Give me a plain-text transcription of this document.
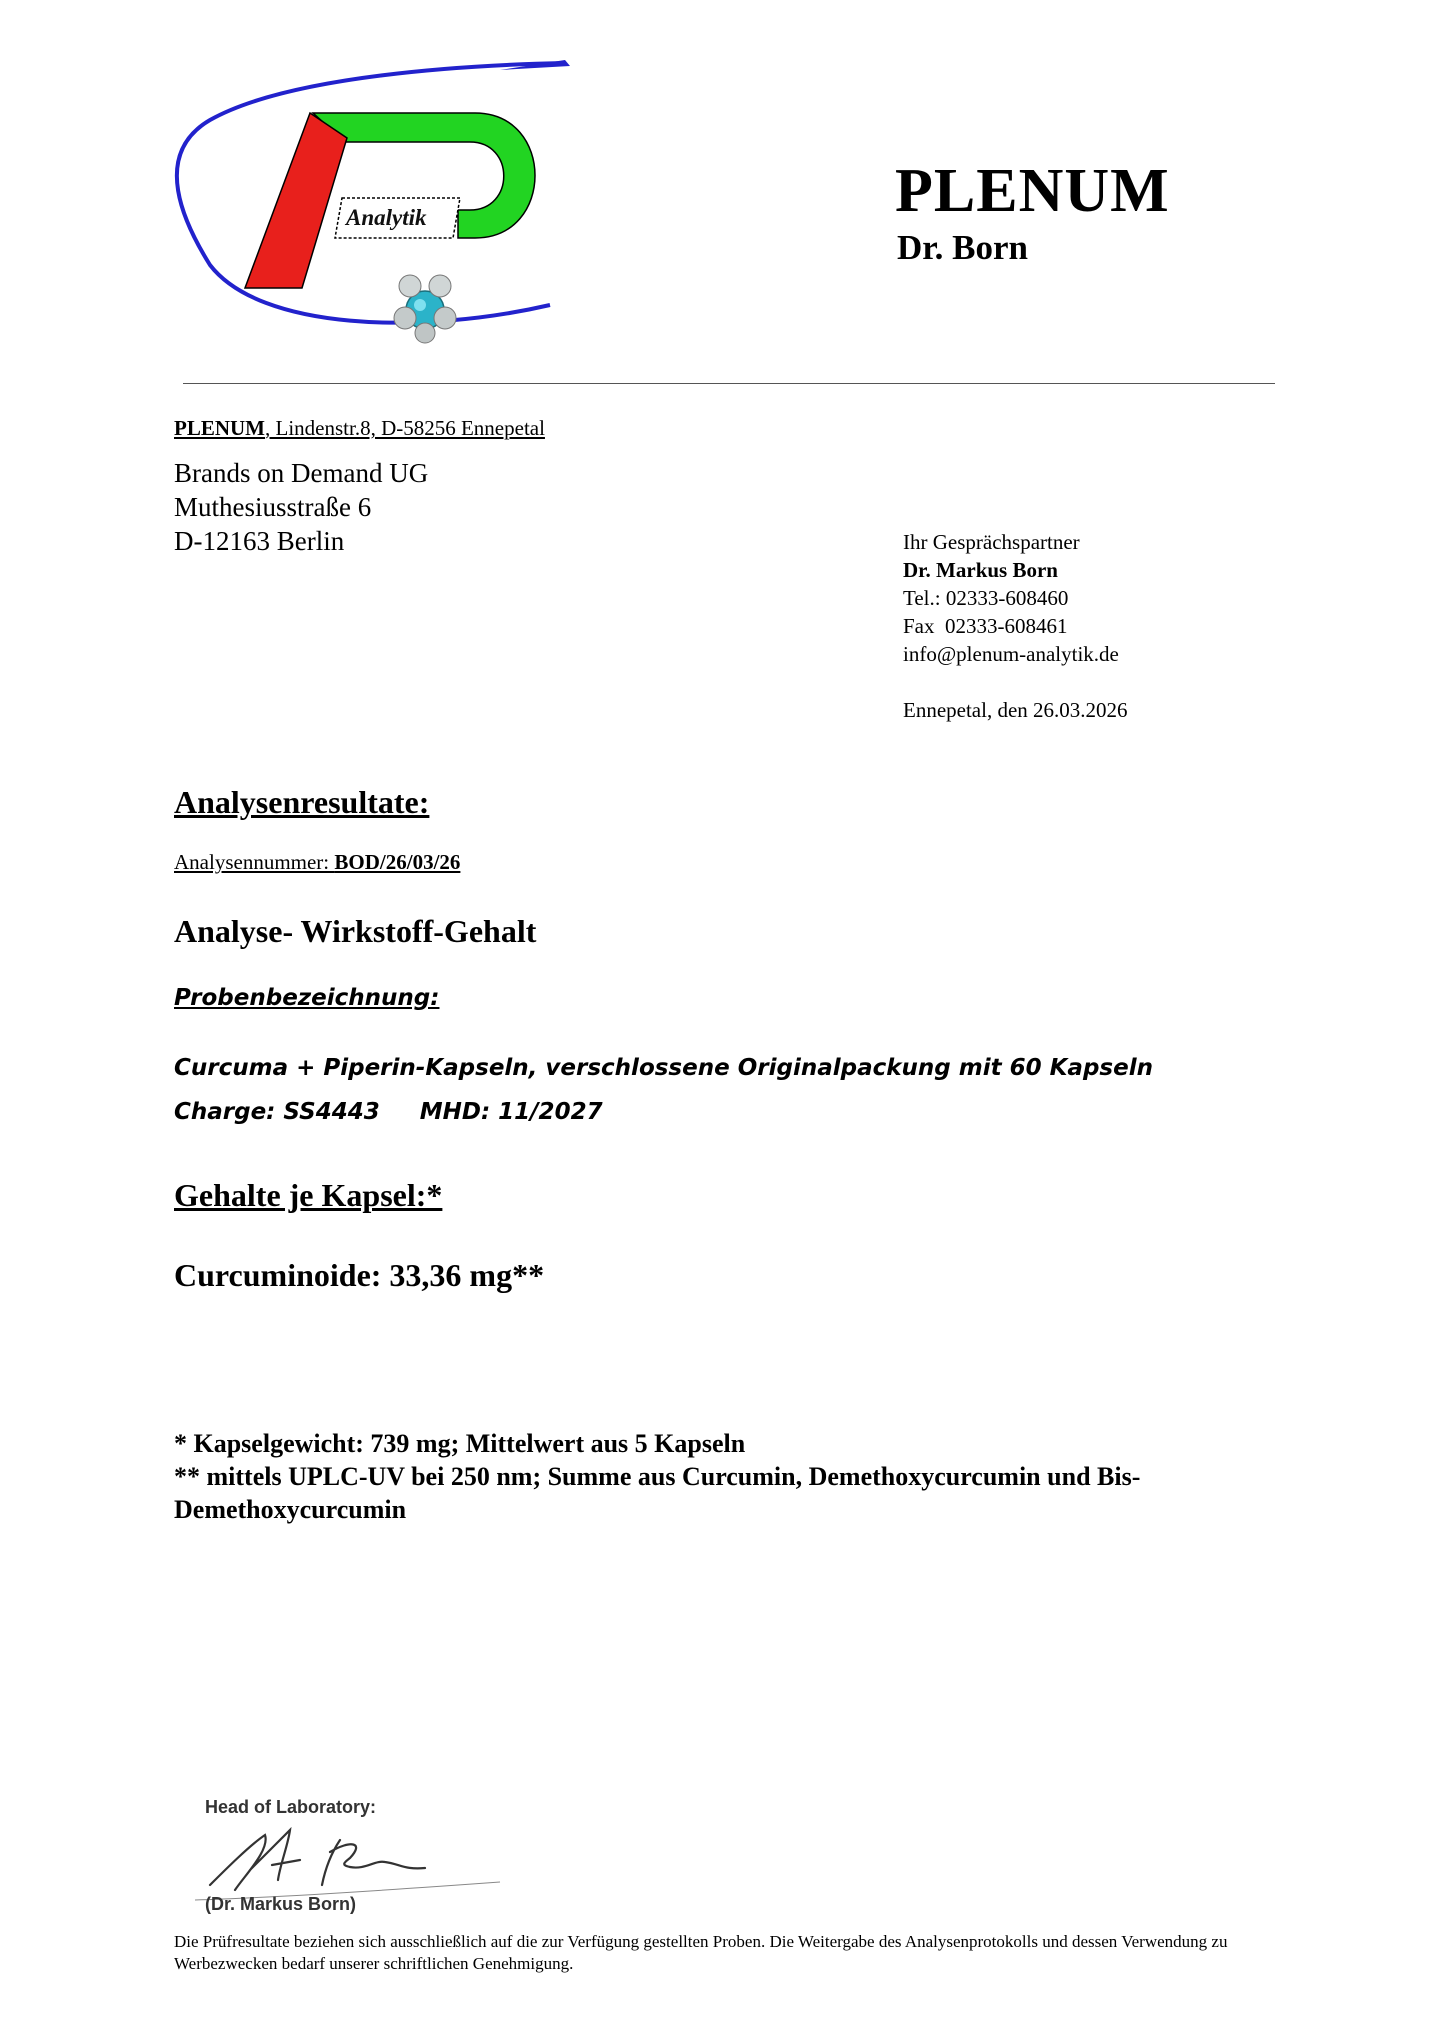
Analytik	PLENUM
Dr. Born
PLENUM, Lindenstr.8, D-58256 Ennepetal
Brands on Demand UG
Muthesiusstraße 6
D-12163 Berlin	Ihr Gesprächspartner
Dr. Markus Born
Tel.: 02333-608460
Fax  02333-608461
info@plenum-analytik.de
Ennepetal, den 26.03.2026
Analysenresultate:
Analysennummer: BOD/26/03/26
Analyse- Wirkstoff-Gehalt
Probenbezeichnung:
Curcuma + Piperin-Kapseln, verschlossene Originalpackung mit 60 Kapseln
Charge: SS4443 MHD: 11/2027
Gehalte je Kapsel:*
Curcuminoide: 33,36 mg**
* Kapselgewicht: 739 mg; Mittelwert aus 5 Kapseln
** mittels UPLC-UV bei 250 nm; Summe aus Curcumin, Demethoxycurcumin und Bis-
Demethoxycurcumin
Head of Laboratory:
(Dr. Markus Born)
Die Prüfresultate beziehen sich ausschließlich auf die zur Verfügung gestellten Proben. Die Weitergabe des Analysenprotokolls und dessen Verwendung zu Werbezwecken bedarf unserer schriftlichen Genehmigung.
